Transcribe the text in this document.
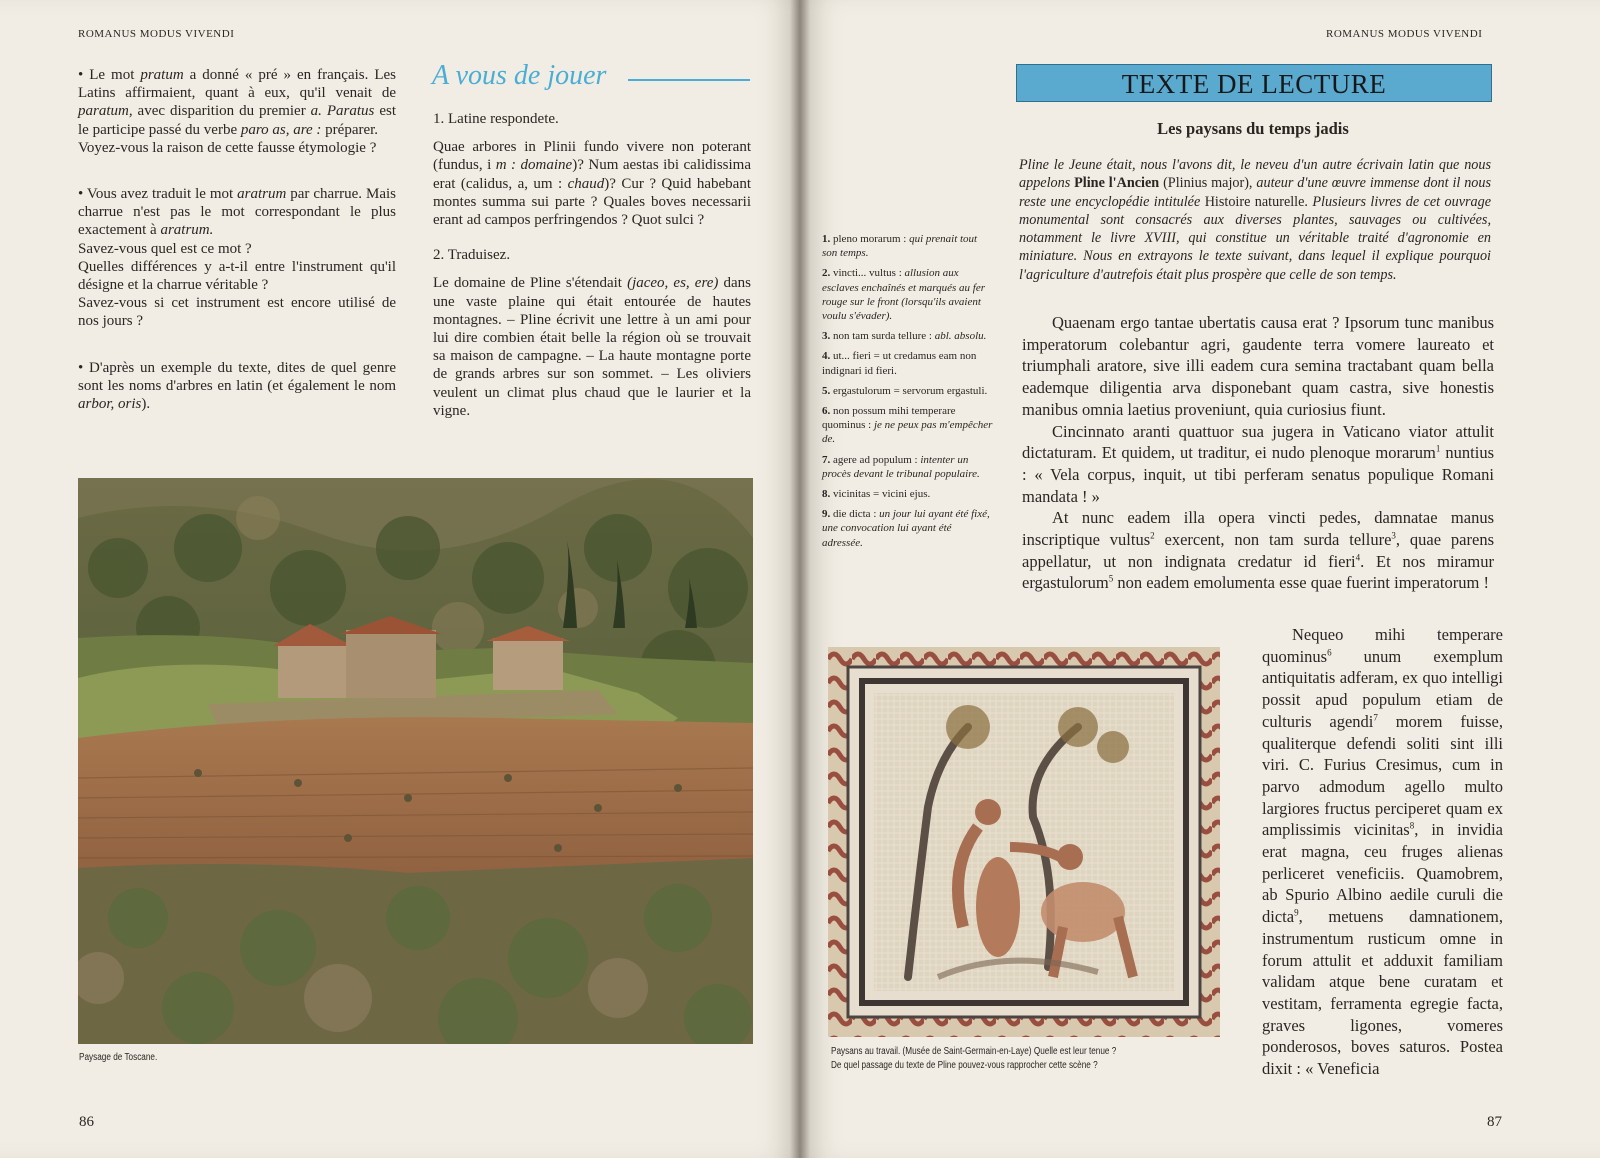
ROMANUS MODUS VIVENDI

• Le mot pratum a donné « pré » en français. Les Latins affirmaient, quant à eux, qu'il venait de paratum, avec disparition du premier a. Paratus est le participe passé du verbe paro as, are : préparer.

Voyez-vous la raison de cette fausse étymologie ?

• Vous avez traduit le mot aratrum par charrue. Mais charrue n'est pas le mot correspondant le plus exactement à aratrum.

Savez-vous quel est ce mot ?

Quelles différences y a-t-il entre l'instrument qu'il désigne et la charrue véritable ?

Savez-vous si cet instrument est encore utilisé de nos jours ?

• D'après un exemple du texte, dites de quel genre sont les noms d'arbres en latin (et également le nom arbor, oris).

A vous de jouer

1. Latine respondete.

Quae arbores in Plinii fundo vivere non poterant (fundus, i m : domaine)? Num aestas ibi calidissima erat (calidus, a, um : chaud)? Cur ? Quid habebant montes summa sui parte ? Quales boves necessarii erant ad campos perfringendos ? Quot sulci ?

2. Traduisez.

Le domaine de Pline s'étendait (jaceo, es, ere) dans une vaste plaine qui était entourée de hautes montagnes. – Pline écrivit une lettre à un ami pour lui dire combien était belle la région où se trouvait sa maison de campagne. – La haute montagne porte de grands arbres sur son sommet. – Les oliviers veulent un climat plus chaud que le laurier et la vigne.

Paysage de Toscane.
86
ROMANUS MODUS VIVENDI
TEXTE DE LECTURE
Les paysans du temps jadis

Pline le Jeune était, nous l'avons dit, le neveu d'un autre écrivain latin que nous appelons Pline l'Ancien (Plinius major), auteur d'une œuvre immense dont il nous reste une encyclopédie intitulée Histoire naturelle. Plusieurs livres de cet ouvrage monumental sont consacrés aux diverses plantes, sauvages ou cultivées, notamment le livre XVIII, qui constitue un véritable traité d'agronomie en miniature. Nous en extrayons le texte suivant, dans lequel il explique pourquoi l'agriculture d'autrefois était plus prospère que celle de son temps.

1. pleno morarum : qui prenait tout son temps.
2. vincti... vultus : allusion aux esclaves enchaînés et marqués au fer rouge sur le front (lorsqu'ils avaient voulu s'évader).
3. non tam surda tellure : abl. absolu.
4. ut... fieri = ut credamus eam non indignari id fieri.
5. ergastulorum = servorum ergastuli.
6. non possum mihi temperare quominus : je ne peux pas m'empêcher de.
7. agere ad populum : intenter un procès devant le tribunal populaire.
8. vicinitas = vicini ejus.
9. die dicta : un jour lui ayant été fixé, une convocation lui ayant été adressée.

Quaenam ergo tantae ubertatis causa erat ? Ipsorum tunc manibus imperatorum colebantur agri, gaudente terra vomere laureato et triumphali aratore, sive illi eadem cura semina tractabant quam bella eademque diligentia arva disponebant quam castra, sive honestis manibus omnia laetius proveniunt, quia curiosius fiunt.

Cincinnato aranti quattuor sua jugera in Vaticano viator attulit dictaturam. Et quidem, ut traditur, ei nudo plenoque morarum$^1$ nuntius : « Vela corpus, inquit, ut tibi perferam senatus populique Romani mandata ! »

At nunc eadem illa opera vincti pedes, damnatae manus inscriptique vultus$^2$ exercent, non tam surda tellure$^3$, quae parens appellatur, ut non indignata credatur id fieri$^4$. Et nos miramur ergastulorum$^5$ non eadem emolumenta esse quae fuerint imperatorum !

Paysans au travail. (Musée de Saint-Germain-en-Laye) Quelle est leur tenue ?
De quel passage du texte de Pline pouvez-vous rapprocher cette scène ?

Nequeo mihi temperare quominus$^6$ unum exemplum antiquitatis adferam, ex quo intelligi possit apud populum etiam de culturis agendi$^7$ morem fuisse, qualiterque defendi soliti sint illi viri. C. Furius Cresimus, cum in parvo admodum agello multo largiores fructus perciperet quam ex amplissimis vicinitas$^8$, in invidia erat magna, ceu fruges alienas perliceret veneficiis. Quamobrem, ab Spurio Albino aedile curuli die dicta$^9$, metuens damnationem, instrumentum rusticum omne in forum attulit et adduxit familiam validam atque bene curatam et vestitam, ferramenta egregie facta, graves ligones, vomeres ponderosos, boves saturos. Postea dixit : « Veneficia

87
